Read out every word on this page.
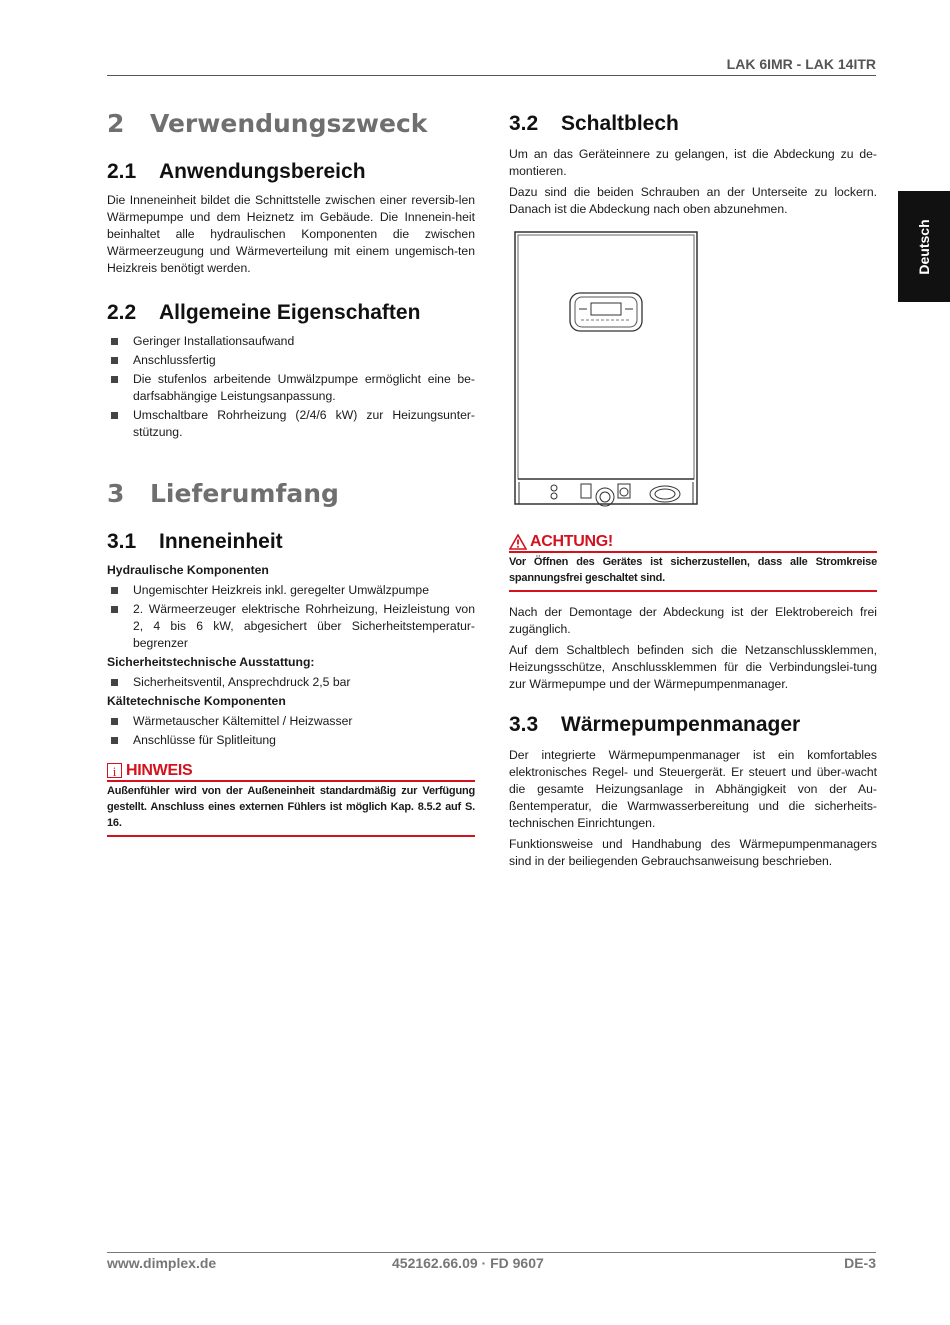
LAK 6IMR - LAK 14ITR
Deutsch
2 Verwendungszweck
2.1 Anwendungsbereich

Die Inneneinheit bildet die Schnittstelle zwischen einer reversib-len Wärmepumpe und dem Heiznetz im Gebäude. Die Innenein-heit beinhaltet alle hydraulischen Komponenten die zwischen Wärmeerzeugung und Wärmeverteilung mit einem ungemisch-ten Heizkreis benötigt werden.

2.2 Allgemeine Eigenschaften
Geringer Installationsaufwand
Anschlussfertig
Die stufenlos arbeitende Umwälzpumpe ermöglicht eine be-darfsabhängige Leistungsanpassung.
Umschaltbare Rohrheizung (2/4/6 kW) zur Heizungsunter-stützung.
3 Lieferumfang
3.1 Inneneinheit
Hydraulische Komponenten
Ungemischter Heizkreis inkl. geregelter Umwälzpumpe
2. Wärmeerzeuger elektrische Rohrheizung, Heizleistung von 2, 4 bis 6 kW, abgesichert über Sicherheitstemperatur-begrenzer
Sicherheitstechnische Ausstattung:
Sicherheitsventil, Ansprechdruck 2,5 bar
Kältetechnische Komponenten
Wärmetauscher Kältemittel / Heizwasser
Anschlüsse für Splitleitung
i HINWEIS
Außenfühler wird von der Außeneinheit standardmäßig zur Verfügung gestellt. Anschluss eines externen Fühlers ist möglich Kap. 8.5.2 auf S. 16.
3.2 Schaltblech

Um an das Geräteinnere zu gelangen, ist die Abdeckung zu de-montieren.

Dazu sind die beiden Schrauben an der Unterseite zu lockern. Danach ist die Abdeckung nach oben abzunehmen.

ACHTUNG!
Vor Öffnen des Gerätes ist sicherzustellen, dass alle Stromkreise spannungsfrei geschaltet sind.

Nach der Demontage der Abdeckung ist der Elektrobereich frei zugänglich.

Auf dem Schaltblech befinden sich die Netzanschlussklemmen, Heizungsschütze, Anschlussklemmen für die Verbindungslei-tung zur Wärmepumpe und der Wärmepumpenmanager.

3.3 Wärmepumpenmanager

Der integrierte Wärmepumpenmanager ist ein komfortables elektronisches Regel- und Steuergerät. Er steuert und über-wacht die gesamte Heizungsanlage in Abhängigkeit von der Au-ßentemperatur, die Warmwasserbereitung und die sicherheits-technischen Einrichtungen.

Funktionsweise und Handhabung des Wärmepumpenmanagers sind in der beiliegenden Gebrauchsanweisung beschrieben.

www.dimplex.de	452162.66.09 · FD 9607	DE-3
